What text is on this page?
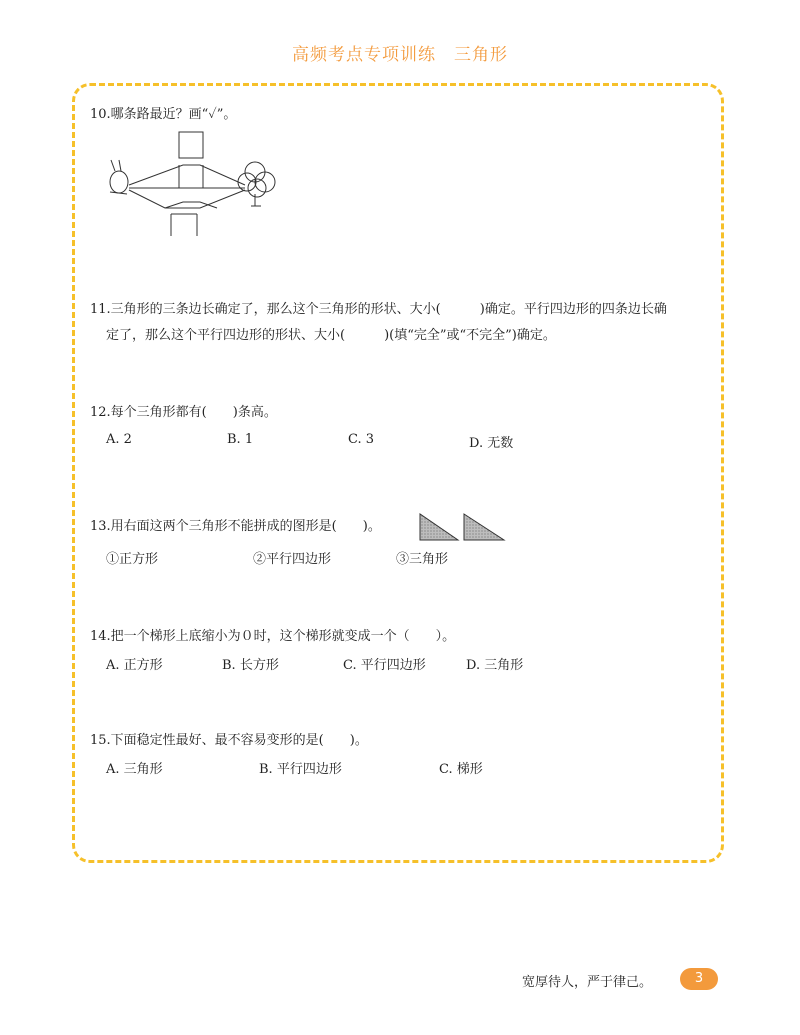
高频考点专项训练　三角形
10.哪条路最近？画“✓”。
11.三角形的三条边长确定了，那么这个三角形的形状、大小(　　　)确定。平行四边形的四条边长确
定了，那么这个平行四边形的形状、大小(　　　)(填“完全”或“不完全”)确定。
12.每个三角形都有(　　)条高。
A. 2	B. 1	C. 3	D. 无数
13.用右面这两个三角形不能拼成的图形是(　　)。
①正方形	②平行四边形	③三角形
14.把一个梯形上底缩小为０时，这个梯形就变成一个（　　）。
A. 正方形	B. 长方形	C. 平行四边形	D. 三角形
15.下面稳定性最好、最不容易变形的是(　　)。
A. 三角形	B. 平行四边形	C. 梯形
宽厚待人，严于律己。	3
